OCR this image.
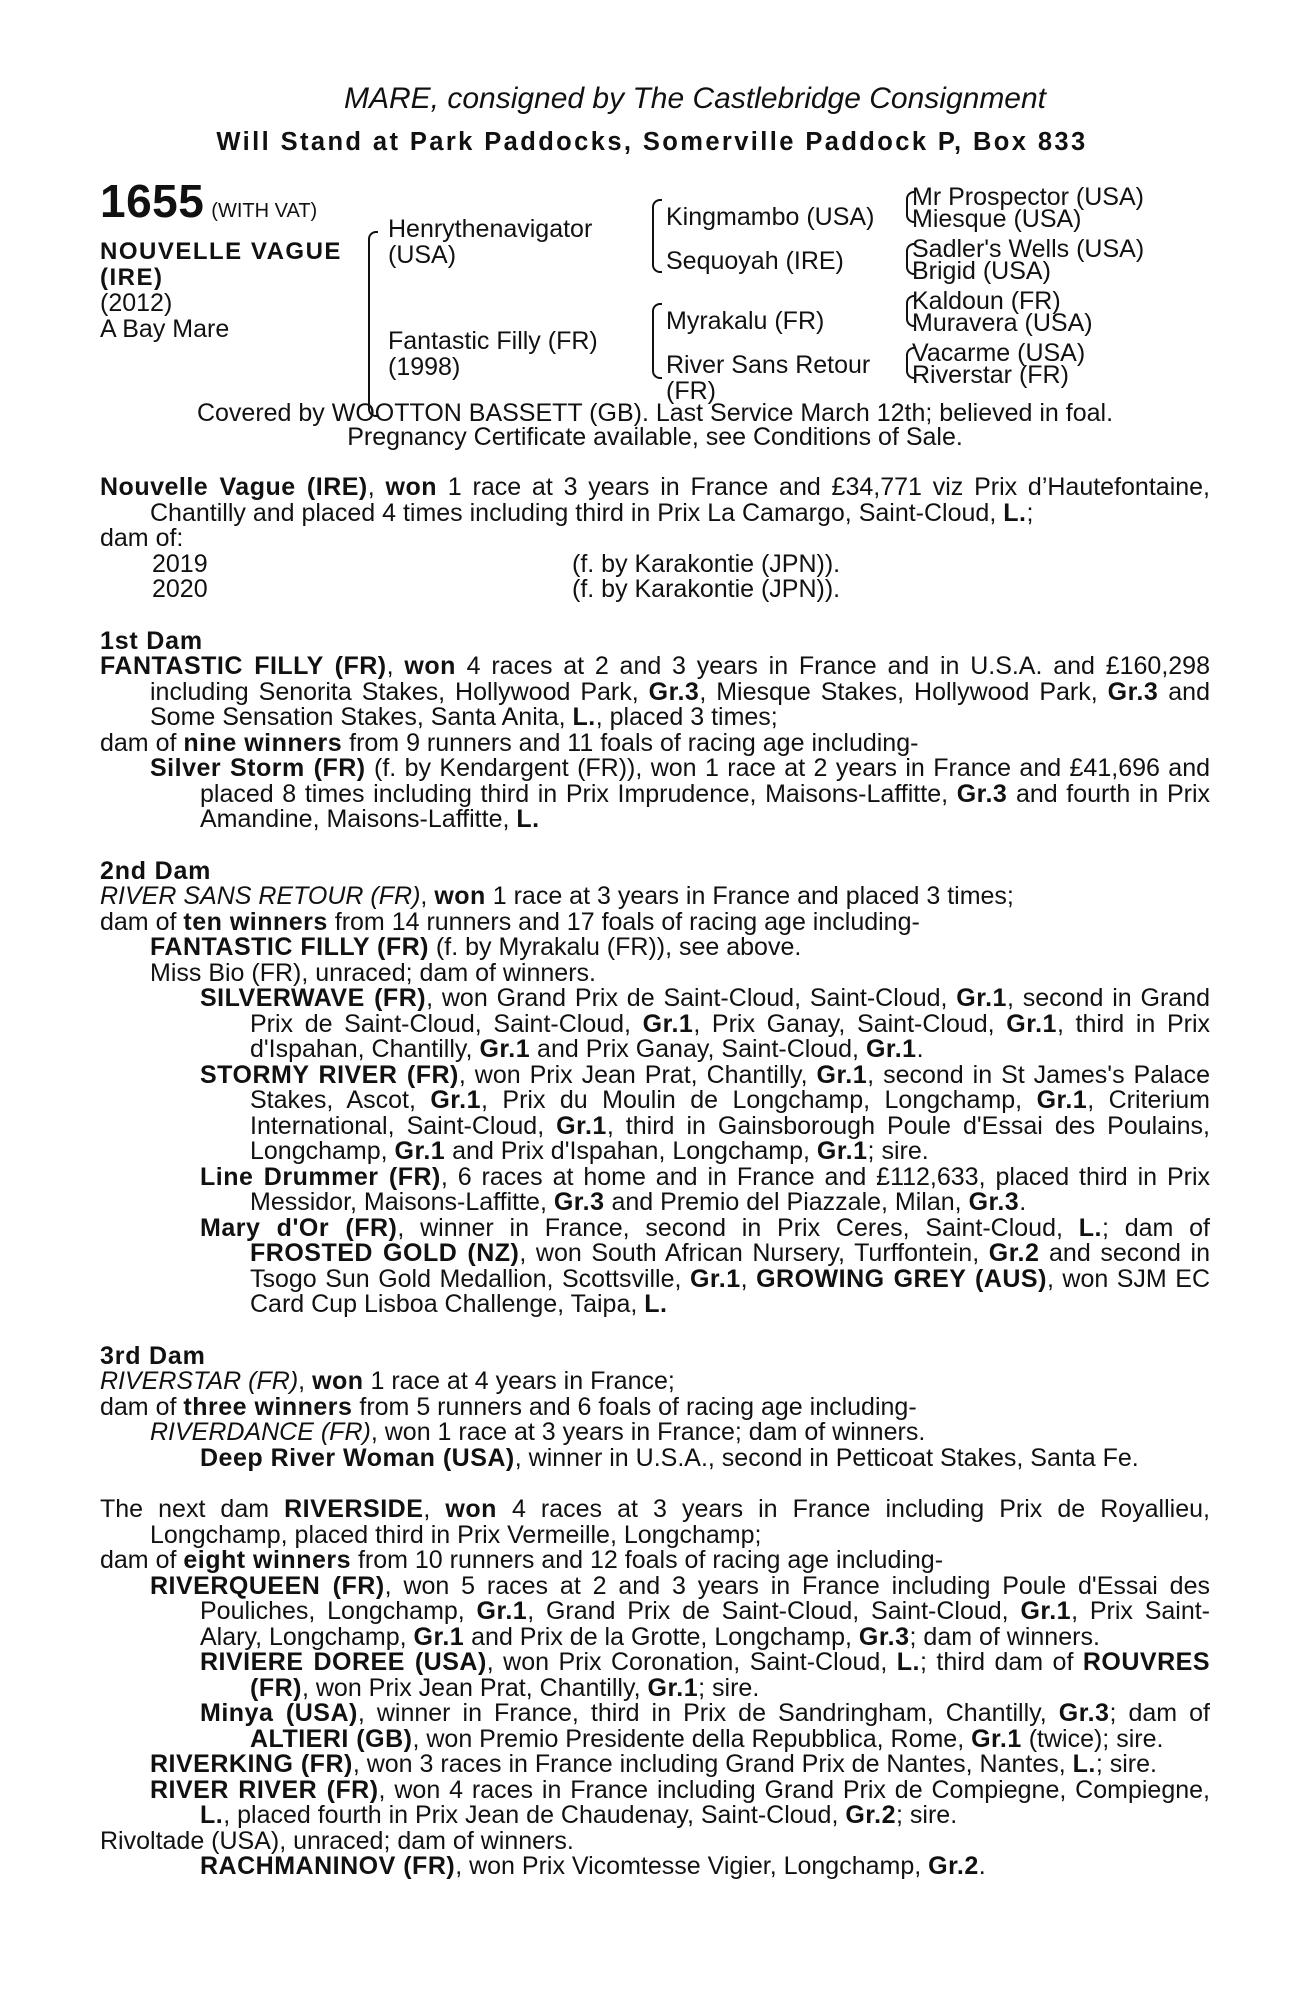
MARE, consigned by The Castlebridge Consignment
Will Stand at Park Paddocks, Somerville Paddock P, Box 833
1655 (WITH VAT)
NOUVELLE VAGUE
(IRE)
(2012)
A Bay Mare
Henrythenavigator
(USA)
Fantastic Filly (FR)
(1998)
Kingmambo (USA)
Sequoyah (IRE)
Myrakalu (FR)
River Sans Retour
(FR)
Mr Prospector (USA)
Miesque (USA)
Sadler's Wells (USA)
Brigid (USA)
Kaldoun (FR)
Muravera (USA)
Vacarme (USA)
Riverstar (FR)
Covered by WOOTTON BASSETT (GB). Last Service March 12th; believed in foal.
Pregnancy Certificate available, see Conditions of Sale.

Nouvelle Vague (IRE), won 1 race at 3 years in France and £34,771 viz Prix d’Hautefontaine, Chantilly and placed 4 times including third in Prix La Camargo, Saint-Cloud, L.;

dam of:

2019	(f. by Karakontie (JPN)).
2020	(f. by Karakontie (JPN)).
1st Dam

FANTASTIC FILLY (FR), won 4 races at 2 and 3 years in France and in U.S.A. and £160,298 including Senorita Stakes, Hollywood Park, Gr.3, Miesque Stakes, Hollywood Park, Gr.3 and Some Sensation Stakes, Santa Anita, L., placed 3 times;

dam of nine winners from 9 runners and 11 foals of racing age including-

Silver Storm (FR) (f. by Kendargent (FR)), won 1 race at 2 years in France and £41,696 and placed 8 times including third in Prix Imprudence, Maisons-Laffitte, Gr.3 and fourth in Prix Amandine, Maisons-Laffitte, L.

2nd Dam

RIVER SANS RETOUR (FR), won 1 race at 3 years in France and placed 3 times;

dam of ten winners from 14 runners and 17 foals of racing age including-

FANTASTIC FILLY (FR) (f. by Myrakalu (FR)), see above.

Miss Bio (FR), unraced; dam of winners.

SILVERWAVE (FR), won Grand Prix de Saint-Cloud, Saint-Cloud, Gr.1, second in Grand Prix de Saint-Cloud, Saint-Cloud, Gr.1, Prix Ganay, Saint-Cloud, Gr.1, third in Prix d'Ispahan, Chantilly, Gr.1 and Prix Ganay, Saint-Cloud, Gr.1.

STORMY RIVER (FR), won Prix Jean Prat, Chantilly, Gr.1, second in St James's Palace Stakes, Ascot, Gr.1, Prix du Moulin de Longchamp, Longchamp, Gr.1, Criterium International, Saint-Cloud, Gr.1, third in Gainsborough Poule d'Essai des Poulains, Longchamp, Gr.1 and Prix d'Ispahan, Longchamp, Gr.1; sire.

Line Drummer (FR), 6 races at home and in France and £112,633, placed third in Prix Messidor, Maisons-Laffitte, Gr.3 and Premio del Piazzale, Milan, Gr.3.

Mary d'Or (FR), winner in France, second in Prix Ceres, Saint-Cloud, L.; dam of FROSTED GOLD (NZ), won South African Nursery, Turffontein, Gr.2 and second in Tsogo Sun Gold Medallion, Scottsville, Gr.1, GROWING GREY (AUS), won SJM EC Card Cup Lisboa Challenge, Taipa, L.

3rd Dam

RIVERSTAR (FR), won 1 race at 4 years in France;

dam of three winners from 5 runners and 6 foals of racing age including-

RIVERDANCE (FR), won 1 race at 3 years in France; dam of winners.

Deep River Woman (USA), winner in U.S.A., second in Petticoat Stakes, Santa Fe.

The next dam RIVERSIDE, won 4 races at 3 years in France including Prix de Royallieu, Longchamp, placed third in Prix Vermeille, Longchamp;

dam of eight winners from 10 runners and 12 foals of racing age including-

RIVERQUEEN (FR), won 5 races at 2 and 3 years in France including Poule d'Essai des Pouliches, Longchamp, Gr.1, Grand Prix de Saint-Cloud, Saint-Cloud, Gr.1, Prix Saint-Alary, Longchamp, Gr.1 and Prix de la Grotte, Longchamp, Gr.3; dam of winners.

RIVIERE DOREE (USA), won Prix Coronation, Saint-Cloud, L.; third dam of ROUVRES (FR), won Prix Jean Prat, Chantilly, Gr.1; sire.

Minya (USA), winner in France, third in Prix de Sandringham, Chantilly, Gr.3; dam of ALTIERI (GB), won Premio Presidente della Repubblica, Rome, Gr.1 (twice); sire.

RIVERKING (FR), won 3 races in France including Grand Prix de Nantes, Nantes, L.; sire.

RIVER RIVER (FR), won 4 races in France including Grand Prix de Compiegne, Compiegne, L., placed fourth in Prix Jean de Chaudenay, Saint-Cloud, Gr.2; sire.

Rivoltade (USA), unraced; dam of winners.

RACHMANINOV (FR), won Prix Vicomtesse Vigier, Longchamp, Gr.2.
